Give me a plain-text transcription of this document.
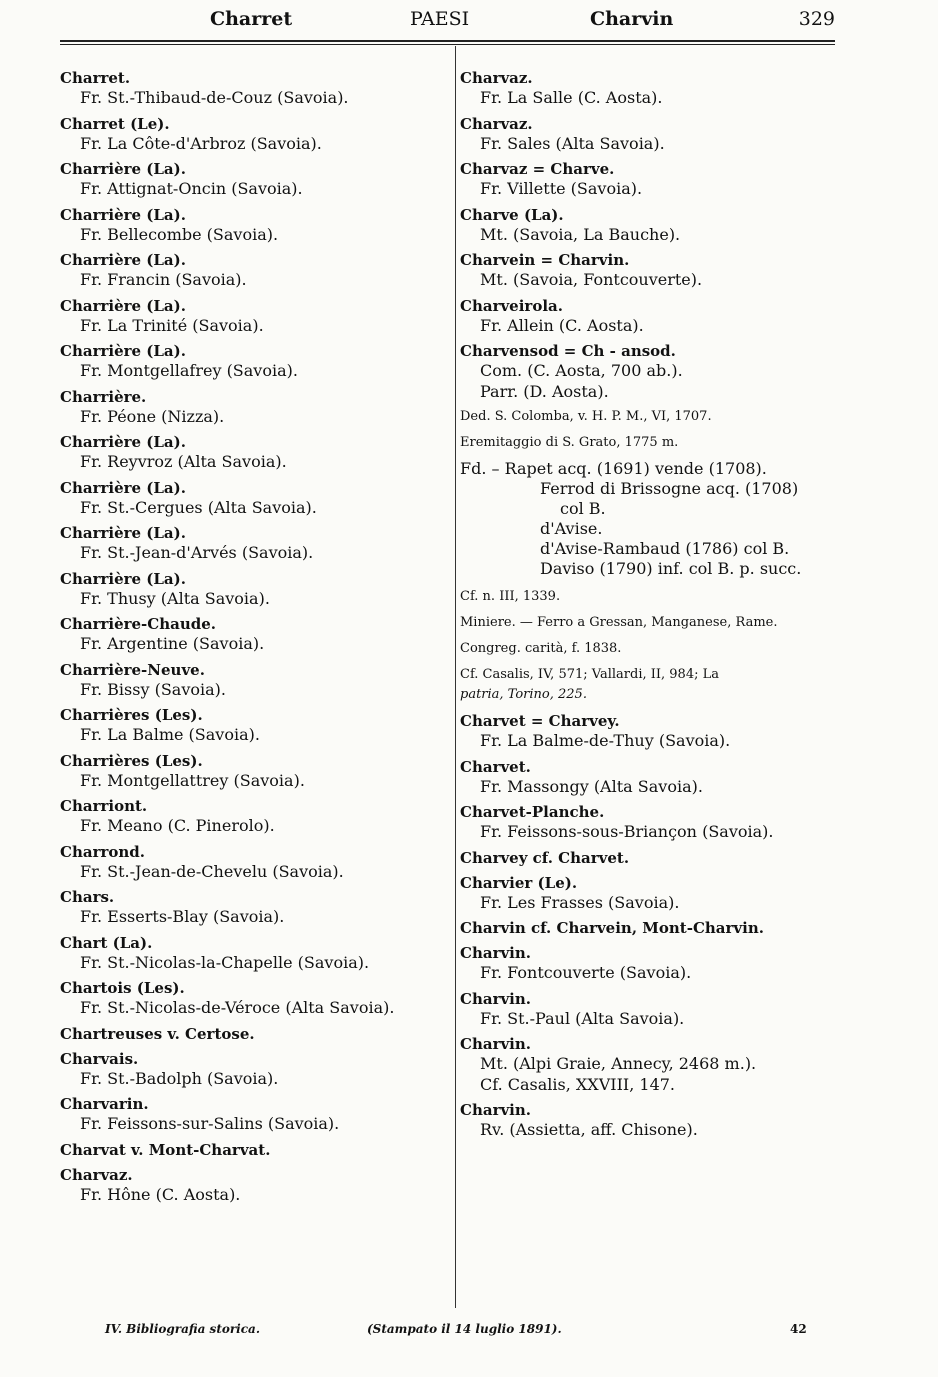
Charret	PAESI	Charvin	329
Charret.
Fr. St.-Thibaud-de-Couz (Savoia).
Charret (Le).
Fr. La Côte-d'Arbroz (Savoia).
Charrière (La).
Fr. Attignat-Oncin (Savoia).
Charrière (La).
Fr. Bellecombe (Savoia).
Charrière (La).
Fr. Francin (Savoia).
Charrière (La).
Fr. La Trinité (Savoia).
Charrière (La).
Fr. Montgellafrey (Savoia).
Charrière.
Fr. Péone (Nizza).
Charrière (La).
Fr. Reyvroz (Alta Savoia).
Charrière (La).
Fr. St.-Cergues (Alta Savoia).
Charrière (La).
Fr. St.-Jean-d'Arvés (Savoia).
Charrière (La).
Fr. Thusy (Alta Savoia).
Charrière-Chaude.
Fr. Argentine (Savoia).
Charrière-Neuve.
Fr. Bissy (Savoia).
Charrières (Les).
Fr. La Balme (Savoia).
Charrières (Les).
Fr. Montgellattrey (Savoia).
Charriont.
Fr. Meano (C. Pinerolo).
Charrond.
Fr. St.-Jean-de-Chevelu (Savoia).
Chars.
Fr. Esserts-Blay (Savoia).
Chart (La).
Fr. St.-Nicolas-la-Chapelle (Savoia).
Chartois (Les).
Fr. St.-Nicolas-de-Véroce (Alta Savoia).
Chartreuses v. Certose.
Charvais.
Fr. St.-Badolph (Savoia).
Charvarin.
Fr. Feissons-sur-Salins (Savoia).
Charvat v. Mont-Charvat.
Charvaz.
Fr. Hône (C. Aosta).
Charvaz.
Fr. La Salle (C. Aosta).
Charvaz.
Fr. Sales (Alta Savoia).
Charvaz = Charve.
Fr. Villette (Savoia).
Charve (La).
Mt. (Savoia, La Bauche).
Charvein = Charvin.
Mt. (Savoia, Fontcouverte).
Charveirola.
Fr. Allein (C. Aosta).
Charvensod = Ch - ansod.
Com. (C. Aosta, 700 ab.).
Parr. (D. Aosta).
Ded. S. Colomba, v. H. P. M., VI, 1707.
Eremitaggio di S. Grato, 1775 m.
Fd. – Rapet acq. (1691) vende (1708).
Ferrod di Brissogne acq. (1708)
col B.
d'Avise.
d'Avise-Rambaud (1786) col B.
Daviso (1790) inf. col B. p. succ.
Cf. n. III, 1339.
Miniere. — Ferro a Gressan, Manganese, Rame.
Congreg. carità, f. 1838.
Cf. Casalis, IV, 571; Vallardi, II, 984; La
patria, Torino, 225.
Charvet = Charvey.
Fr. La Balme-de-Thuy (Savoia).
Charvet.
Fr. Massongy (Alta Savoia).
Charvet-Planche.
Fr. Feissons-sous-Briançon (Savoia).
Charvey cf. Charvet.
Charvier (Le).
Fr. Les Frasses (Savoia).
Charvin cf. Charvein, Mont-Charvin.
Charvin.
Fr. Fontcouverte (Savoia).
Charvin.
Fr. St.-Paul (Alta Savoia).
Charvin.
Mt. (Alpi Graie, Annecy, 2468 m.).
Cf. Casalis, XXVIII, 147.
Charvin.
Rv. (Assietta, aff. Chisone).
IV. Bibliografia storica.	(Stampato il 14 luglio 1891).	42
